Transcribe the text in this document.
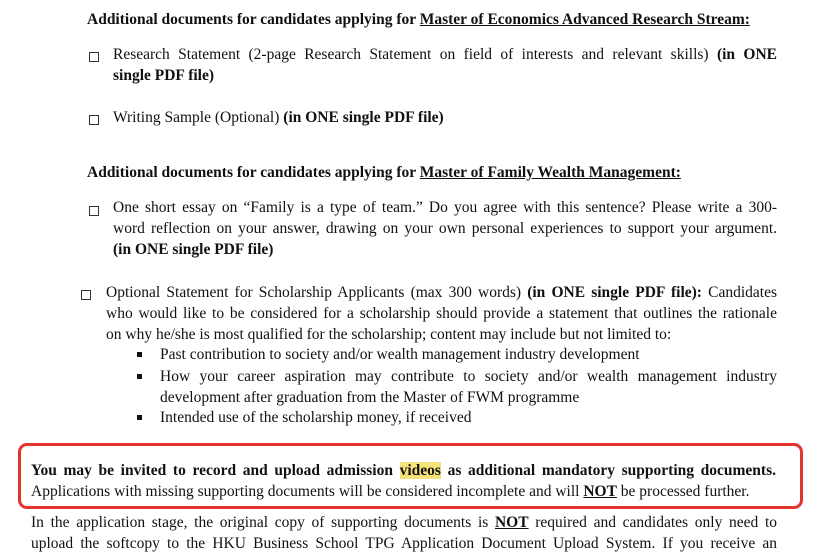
Additional documents for candidates applying for Master of Economics Advanced Research Stream:
Research Statement (2-page Research Statement on field of interests and relevant skills) (in ONE
single PDF file)
Writing Sample (Optional) (in ONE single PDF file)
Additional documents for candidates applying for Master of Family Wealth Management:
One short essay on “Family is a type of team.” Do you agree with this sentence? Please write a 300-
word reflection on your answer, drawing on your own personal experiences to support your argument.
(in ONE single PDF file)
Optional Statement for Scholarship Applicants (max 300 words) (in ONE single PDF file): Candidates
who would like to be considered for a scholarship should provide a statement that outlines the rationale
on why he/she is most qualified for the scholarship; content may include but not limited to:
Past contribution to society and/or wealth management industry development
How your career aspiration may contribute to society and/or wealth management industry
development after graduation from the Master of FWM programme
Intended use of the scholarship money, if received
You may be invited to record and upload admission videos as additional mandatory supporting documents.
Applications with missing supporting documents will be considered incomplete and will NOT be processed further.
In the application stage, the original copy of supporting documents is NOT required and candidates only need to
upload the softcopy to the HKU Business School TPG Application Document Upload System. If you receive an
